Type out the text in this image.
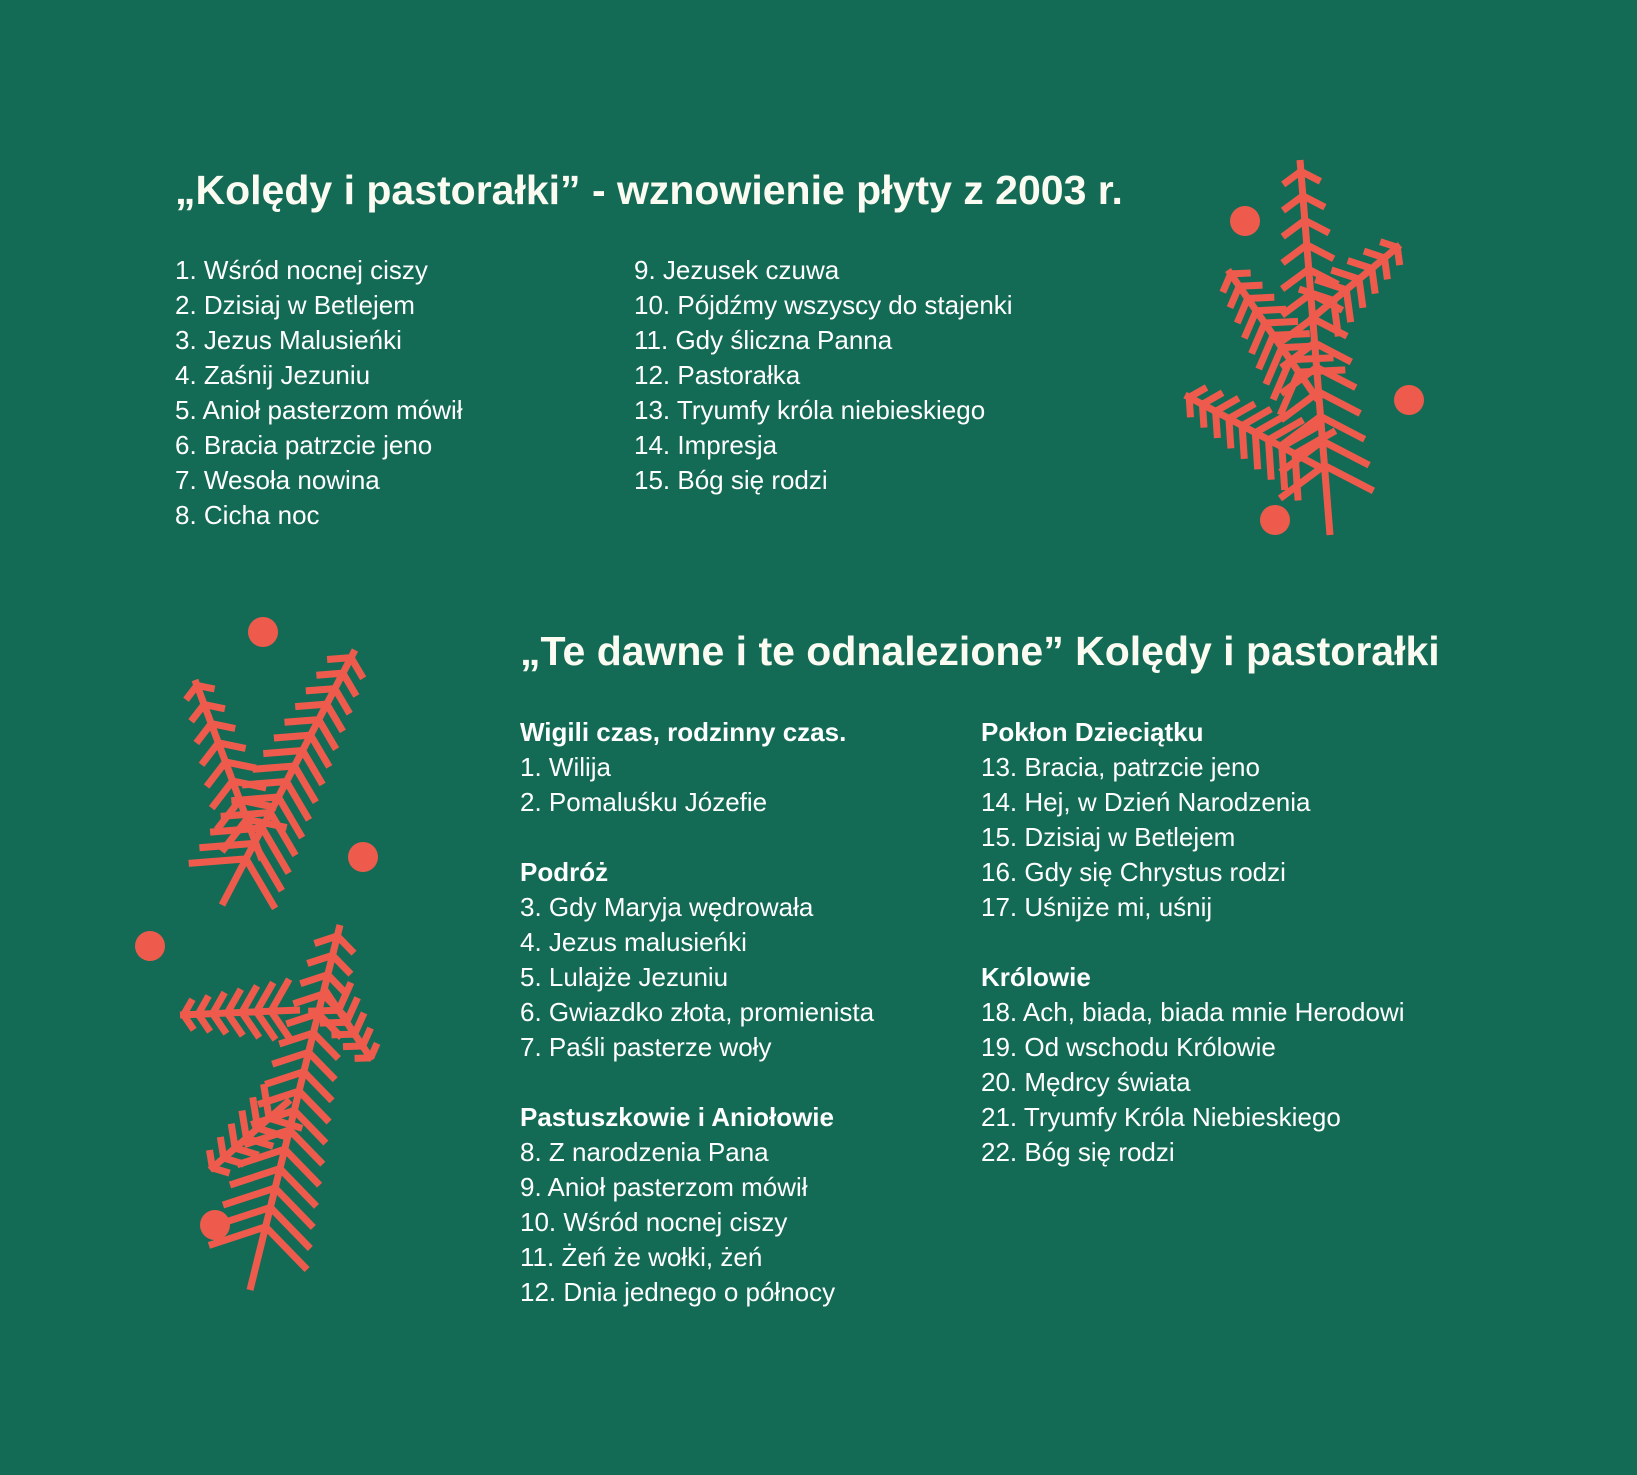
„Kolędy i pastorałki” - wznowienie płyty z 2003 r.
1. Wśród nocnej ciszy
2. Dzisiaj w Betlejem
3. Jezus Malusieńki
4. Zaśnij Jezuniu
5. Anioł pasterzom mówił
6. Bracia patrzcie jeno
7. Wesoła nowina
8. Cicha noc
9. Jezusek czuwa
10. Pójdźmy wszyscy do stajenki
11. Gdy śliczna Panna
12. Pastorałka
13. Tryumfy króla niebieskiego
14. Impresja
15. Bóg się rodzi
„Te dawne i te odnalezione” Kolędy i pastorałki
Wigili czas, rodzinny czas.
1. Wilija
2. Pomaluśku Józefie
Podróż
3. Gdy Maryja wędrowała
4. Jezus malusieńki
5. Lulajże Jezuniu
6. Gwiazdko złota, promienista
7. Paśli pasterze woły
Pastuszkowie i Aniołowie
8. Z narodzenia Pana
9. Anioł pasterzom mówił
10. Wśród nocnej ciszy
11. Żeń że wołki, żeń
12. Dnia jednego o północy
Pokłon Dzieciątku
13. Bracia, patrzcie jeno
14. Hej, w Dzień Narodzenia
15. Dzisiaj w Betlejem
16. Gdy się Chrystus rodzi
17. Uśnijże mi, uśnij
Królowie
18. Ach, biada, biada mnie Herodowi
19. Od wschodu Królowie
20. Mędrcy świata
21. Tryumfy Króla Niebieskiego
22. Bóg się rodzi
